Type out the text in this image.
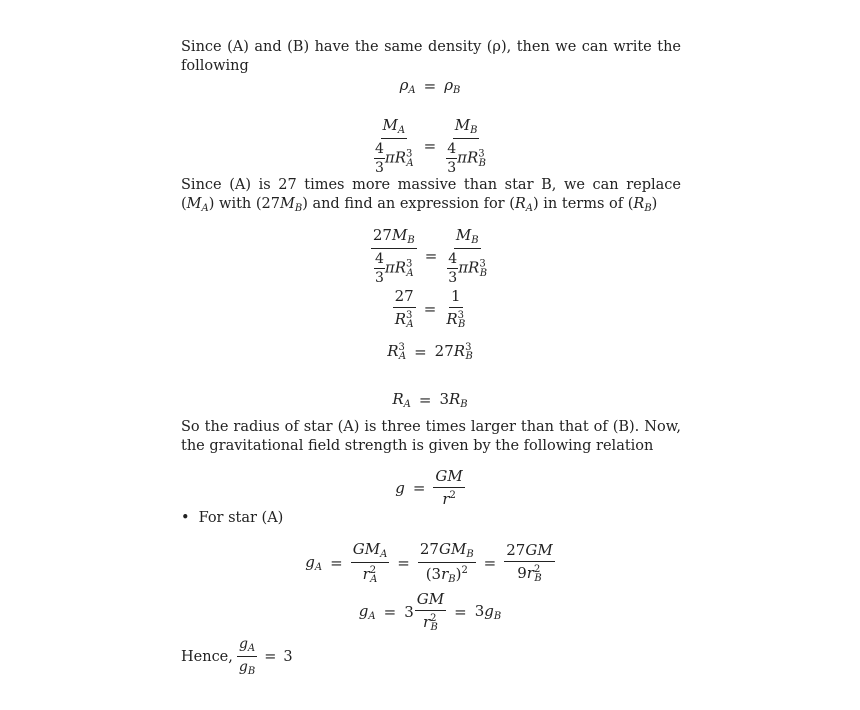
Since (A) and (B) have the same density (ρ), then we can write the following
$\rho_A = \rho_B$
$\frac{M_A}{\frac{4}{3} \pi R^3_A} = \frac{M_B}{\frac{4}{3} \pi R^3_B}$
Since (A) is 27 times more massive than star B, we can replace $(M_A)$ with $(27M_B)$ and find an expression for $(R_A)$ in terms of $(R_B)$
$\frac{27M_B}{\frac{4}{3} \pi R^3_A} = \frac{M_B}{\frac{4}{3} \pi R^3_B}$
$\frac{27}{R^3_A} = \frac{1}{R^3_B}$
$R^3_A = 27R^3_B$
$R_A = 3R_B$
So the radius of star (A) is three times larger than that of (B). Now, the gravitational field strength is given by the following relation
$g = \frac{GM}{r^2}$
• For star (A)
$g_A = \frac{GM_A}{r^2_A} = \frac{27GM_B}{(3r_B)^2} = \frac{27GM}{9r^2_B}$
$g_A = 3 \frac{GM}{r^2_B} = 3g_B$
Hence, $\frac{g_A}{g_B} = 3$
